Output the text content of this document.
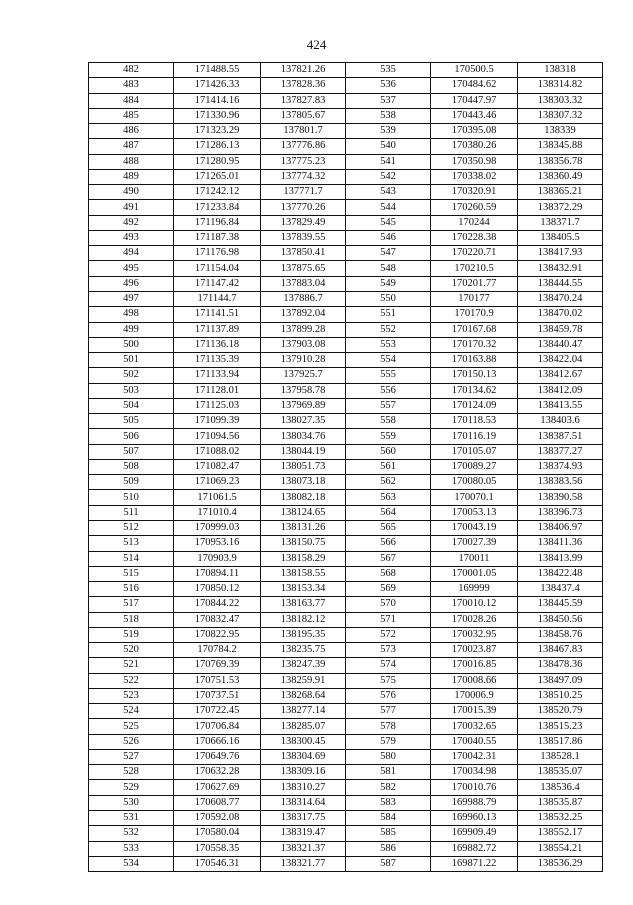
424
482	171488.55	137821.26	535	170500.5	138318
483	171426.33	137828.36	536	170484.62	138314.82
484	171414.16	137827.83	537	170447.97	138303.32
485	171330.96	137805.67	538	170443.46	138307.32
486	171323.29	137801.7	539	170395.08	138339
487	171286.13	137776.86	540	170380.26	138345.88
488	171280.95	137775.23	541	170350.98	138356.78
489	171265.01	137774.32	542	170338.02	138360.49
490	171242.12	137771.7	543	170320.91	138365.21
491	171233.84	137770.26	544	170260.59	138372.29
492	171196.84	137829.49	545	170244	138371.7
493	171187.38	137839.55	546	170228.38	138405.5
494	171176.98	137850.41	547	170220.71	138417.93
495	171154.04	137875.65	548	170210.5	138432.91
496	171147.42	137883.04	549	170201.77	138444.55
497	171144.7	137886.7	550	170177	138470.24
498	171141.51	137892.04	551	170170.9	138470.02
499	171137.89	137899.28	552	170167.68	138459.78
500	171136.18	137903.08	553	170170.32	138440.47
501	171135.39	137910.28	554	170163.88	138422.04
502	171133.94	137925.7	555	170150.13	138412.67
503	171128.01	137958.78	556	170134.62	138412.09
504	171125.03	137969.89	557	170124.09	138413.55
505	171099.39	138027.35	558	170118.53	138403.6
506	171094.56	138034.76	559	170116.19	138387.51
507	171088.02	138044.19	560	170105.07	138377.27
508	171082.47	138051.73	561	170089.27	138374.93
509	171069.23	138073.18	562	170080.05	138383.56
510	171061.5	138082.18	563	170070.1	138390.58
511	171010.4	138124.65	564	170053.13	138396.73
512	170999.03	138131.26	565	170043.19	138406.97
513	170953.16	138150.75	566	170027.39	138411.36
514	170903.9	138158.29	567	170011	138413.99
515	170894.11	138158.55	568	170001.05	138422.48
516	170850.12	138153.34	569	169999	138437.4
517	170844.22	138163.77	570	170010.12	138445.59
518	170832.47	138182.12	571	170028.26	138450.56
519	170822.95	138195.35	572	170032.95	138458.76
520	170784.2	138235.75	573	170023.87	138467.83
521	170769.39	138247.39	574	170016.85	138478.36
522	170751.53	138259.91	575	170008.66	138497.09
523	170737.51	138268.64	576	170006.9	138510.25
524	170722.45	138277.14	577	170015.39	138520.79
525	170706.84	138285.07	578	170032.65	138515.23
526	170666.16	138300.45	579	170040.55	138517.86
527	170649.76	138304.69	580	170042.31	138528.1
528	170632.28	138309.16	581	170034.98	138535.07
529	170627.69	138310.27	582	170010.76	138536.4
530	170608.77	138314.64	583	169988.79	138535.87
531	170592.08	138317.75	584	169960.13	138532.25
532	170580.04	138319.47	585	169909.49	138552.17
533	170558.35	138321.37	586	169882.72	138554.21
534	170546.31	138321.77	587	169871.22	138536.29
